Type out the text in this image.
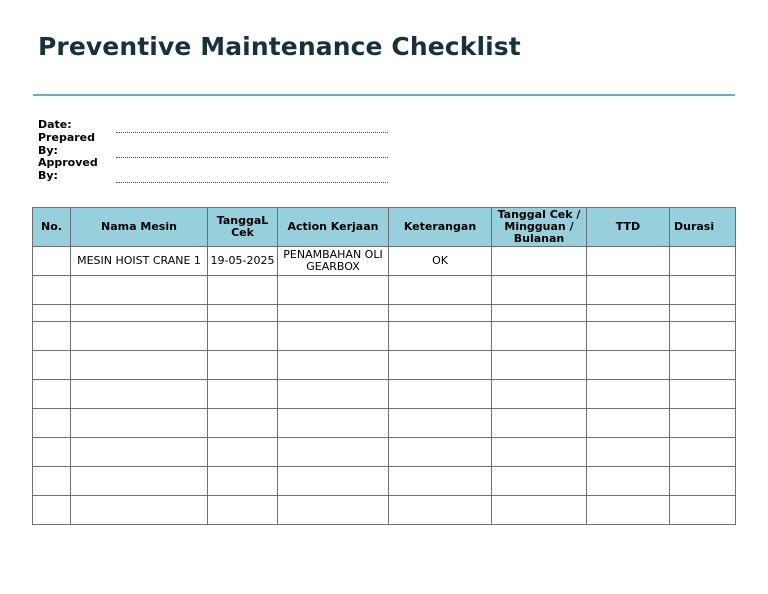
Preventive Maintenance Checklist
Date:
Prepared By:
Approved By:
No.	Nama Mesin	TanggaL Cek	Action Kerjaan	Keterangan	Tanggal Cek / Mingguan / Bulanan	TTD	Durasi
	MESIN HOIST CRANE 1	19-05-2025	PENAMBAHAN OLI GEARBOX	OK			
